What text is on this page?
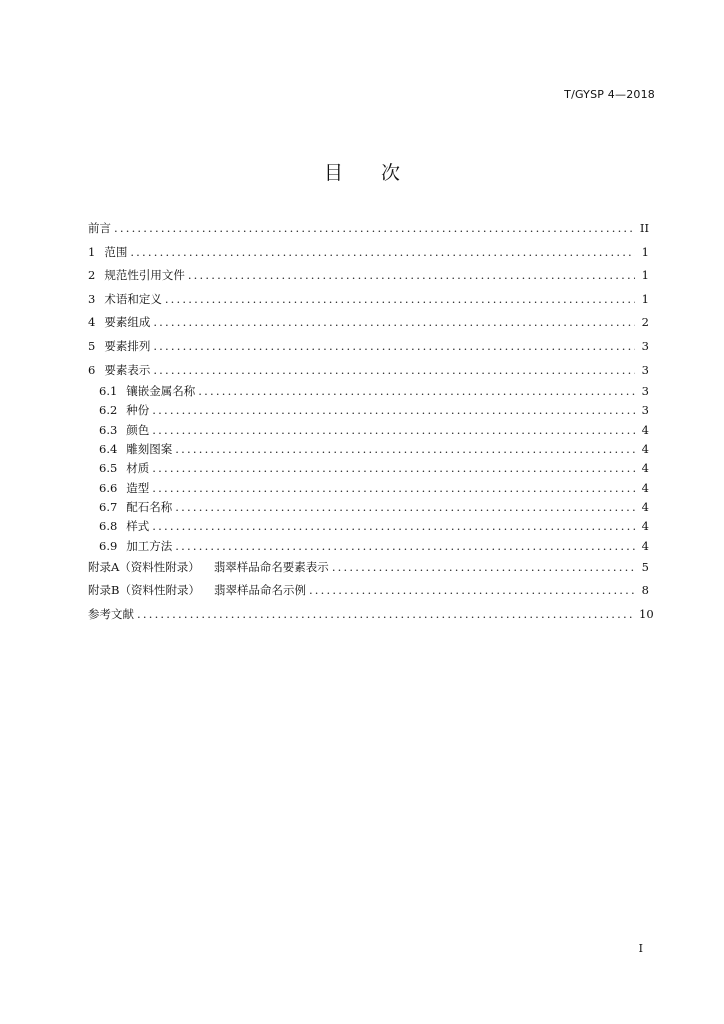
T/GYSP 4—2018
目 次
前言 .....	II
1 范围 .....	1
2 规范性引用文件 .....	1
3 术语和定义 .....	1
4 要素组成 .....	2
5 要素排列 .....	3
6 要素表示 .....	3
6.1 镶嵌金属名称 .....	3
6.2 种份 .....	3
6.3 颜色 .....	4
6.4 雕刻图案 .....	4
6.5 材质 .....	4
6.6 造型 .....	4
6.7 配石名称 .....	4
6.8 样式 .....	4
6.9 加工方法 .....	4
附录A（资料性附录） 翡翠样品命名要素表示 .....	5
附录B（资料性附录） 翡翠样品命名示例 .....	8
参考文献 .....	10
I
